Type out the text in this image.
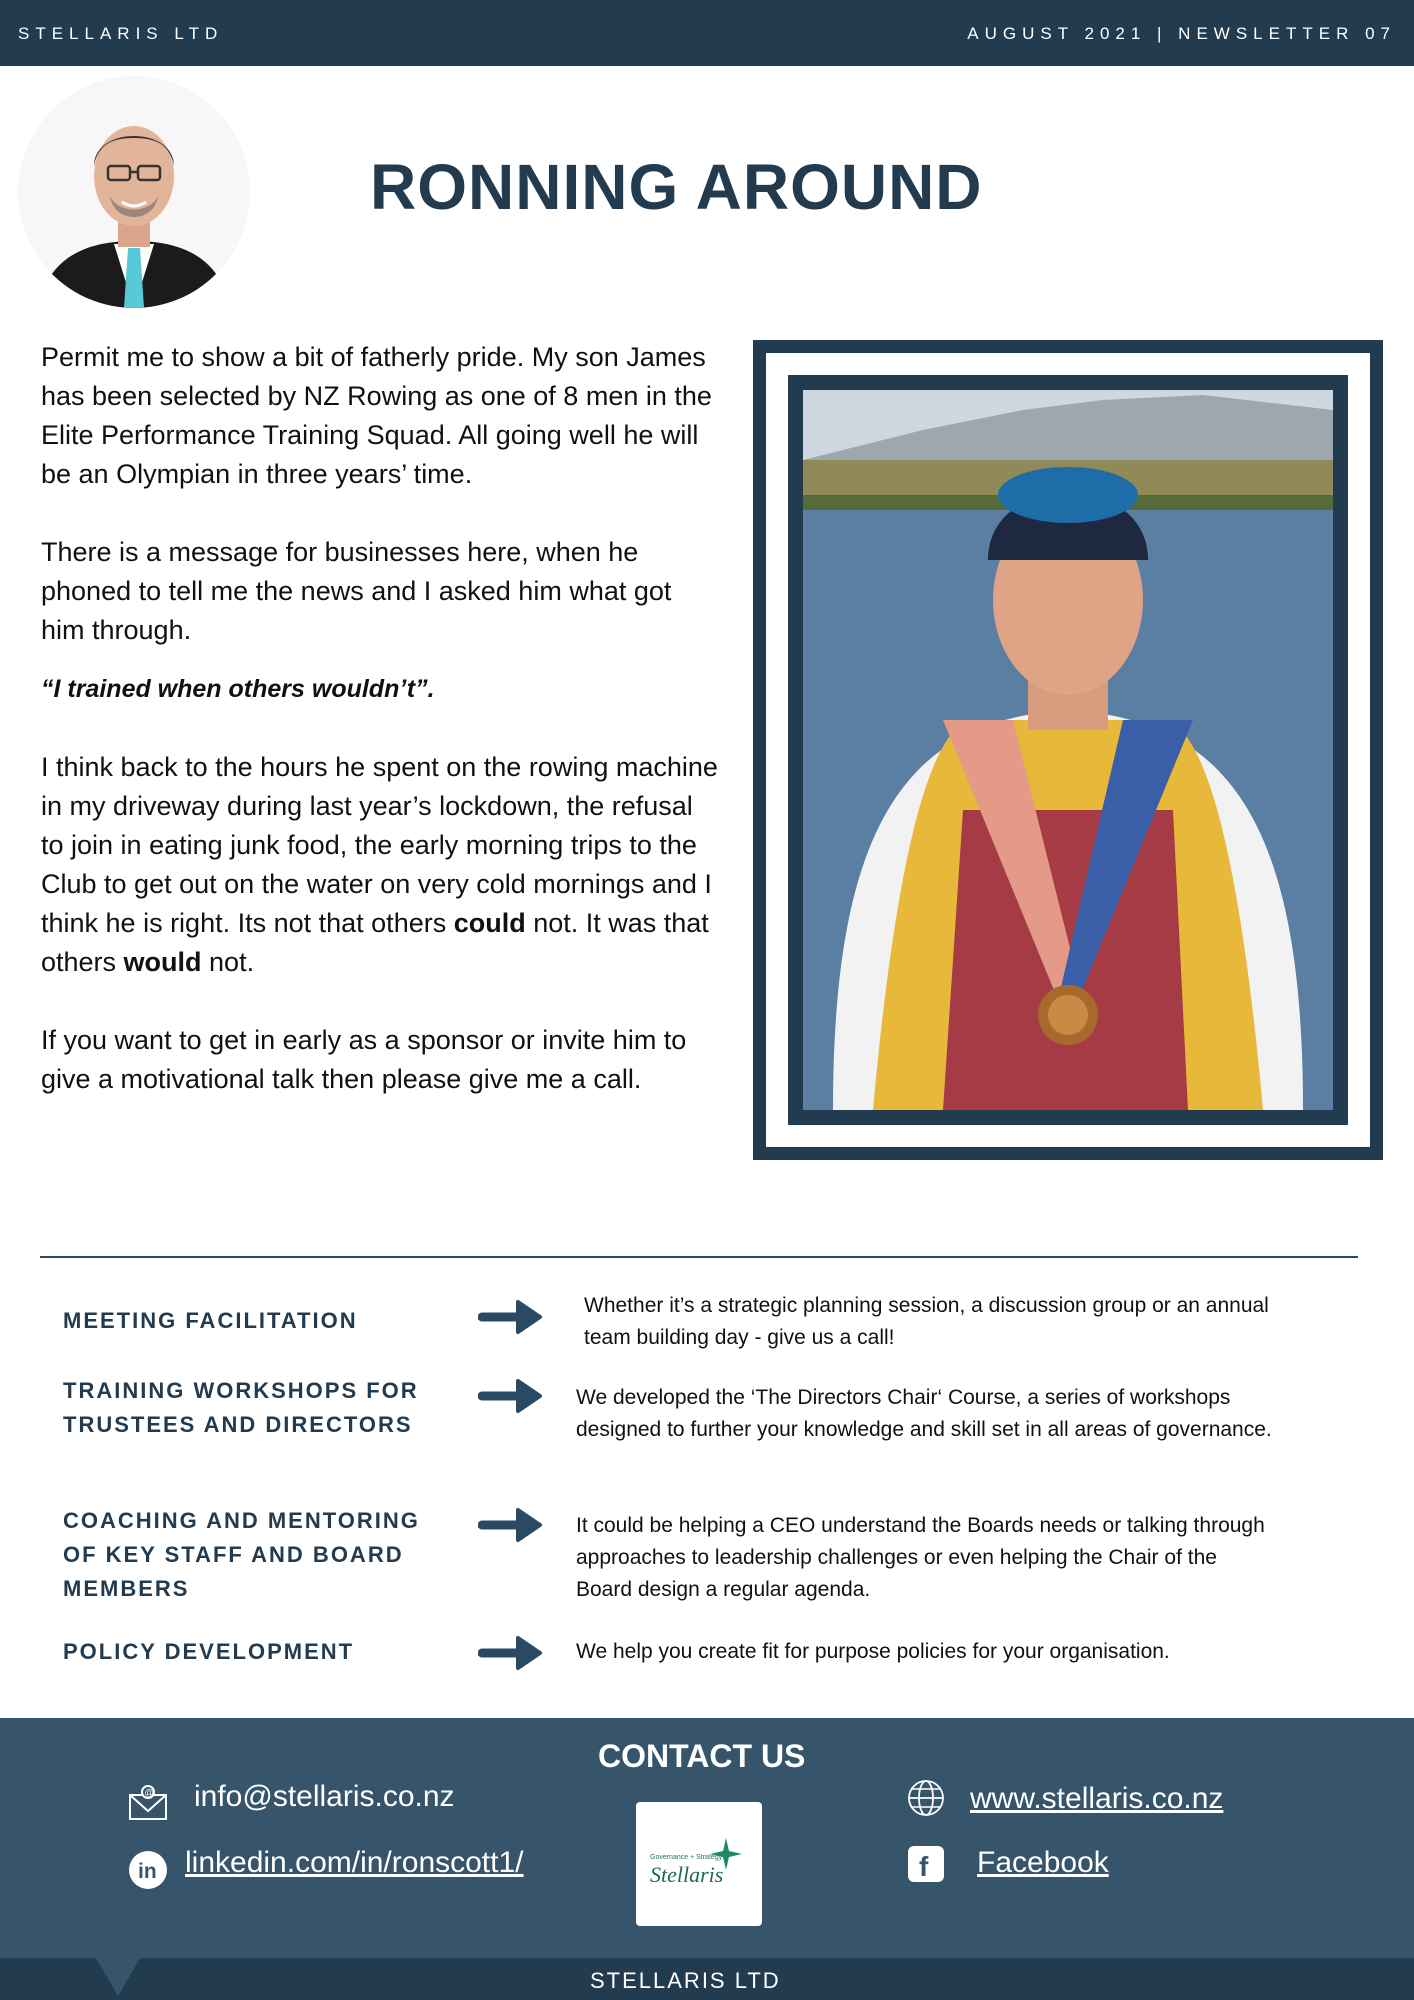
STELLARIS LTD	AUGUST 2021 | NEWSLETTER 07
RONNING AROUND

Permit me to show a bit of fatherly pride. My son James has been selected by NZ Rowing as one of 8 men in the Elite Performance Training Squad. All going well he will be an Olympian in three years’ time.

There is a message for businesses here, when he phoned to tell me the news and I asked him what got him through.

“I trained when others wouldn’t”.

I think back to the hours he spent on the rowing machine in my driveway during last year’s lockdown, the refusal to join in eating junk food, the early morning trips to the Club to get out on the water on very cold mornings and I think he is right. Its not that others could not. It was that others would not.

If you want to get in early as a sponsor or invite him to give a motivational talk then please give me a call.

MEETING FACILITATION
Whether it’s a strategic planning session, a discussion group or an annual team building day - give us a call!
TRAINING WORKSHOPS FOR TRUSTEES AND DIRECTORS
We developed the ‘The Directors Chair‘ Course, a series of workshops designed to further your knowledge and skill set in all areas of governance.
COACHING AND MENTORING OF KEY STAFF AND BOARD MEMBERS
It could be helping a CEO understand the Boards needs or talking through approaches to leadership challenges or even helping the Chair of the Board design a regular agenda.
POLICY DEVELOPMENT	We help you create fit for purpose policies for your organisation.
CONTACT US
@ info@stellaris.co.nz
in linkedin.com/in/ronscott1/	Governance + Strategy
Stellaris
www.stellaris.co.nz
f Facebook
STELLARIS LTD
